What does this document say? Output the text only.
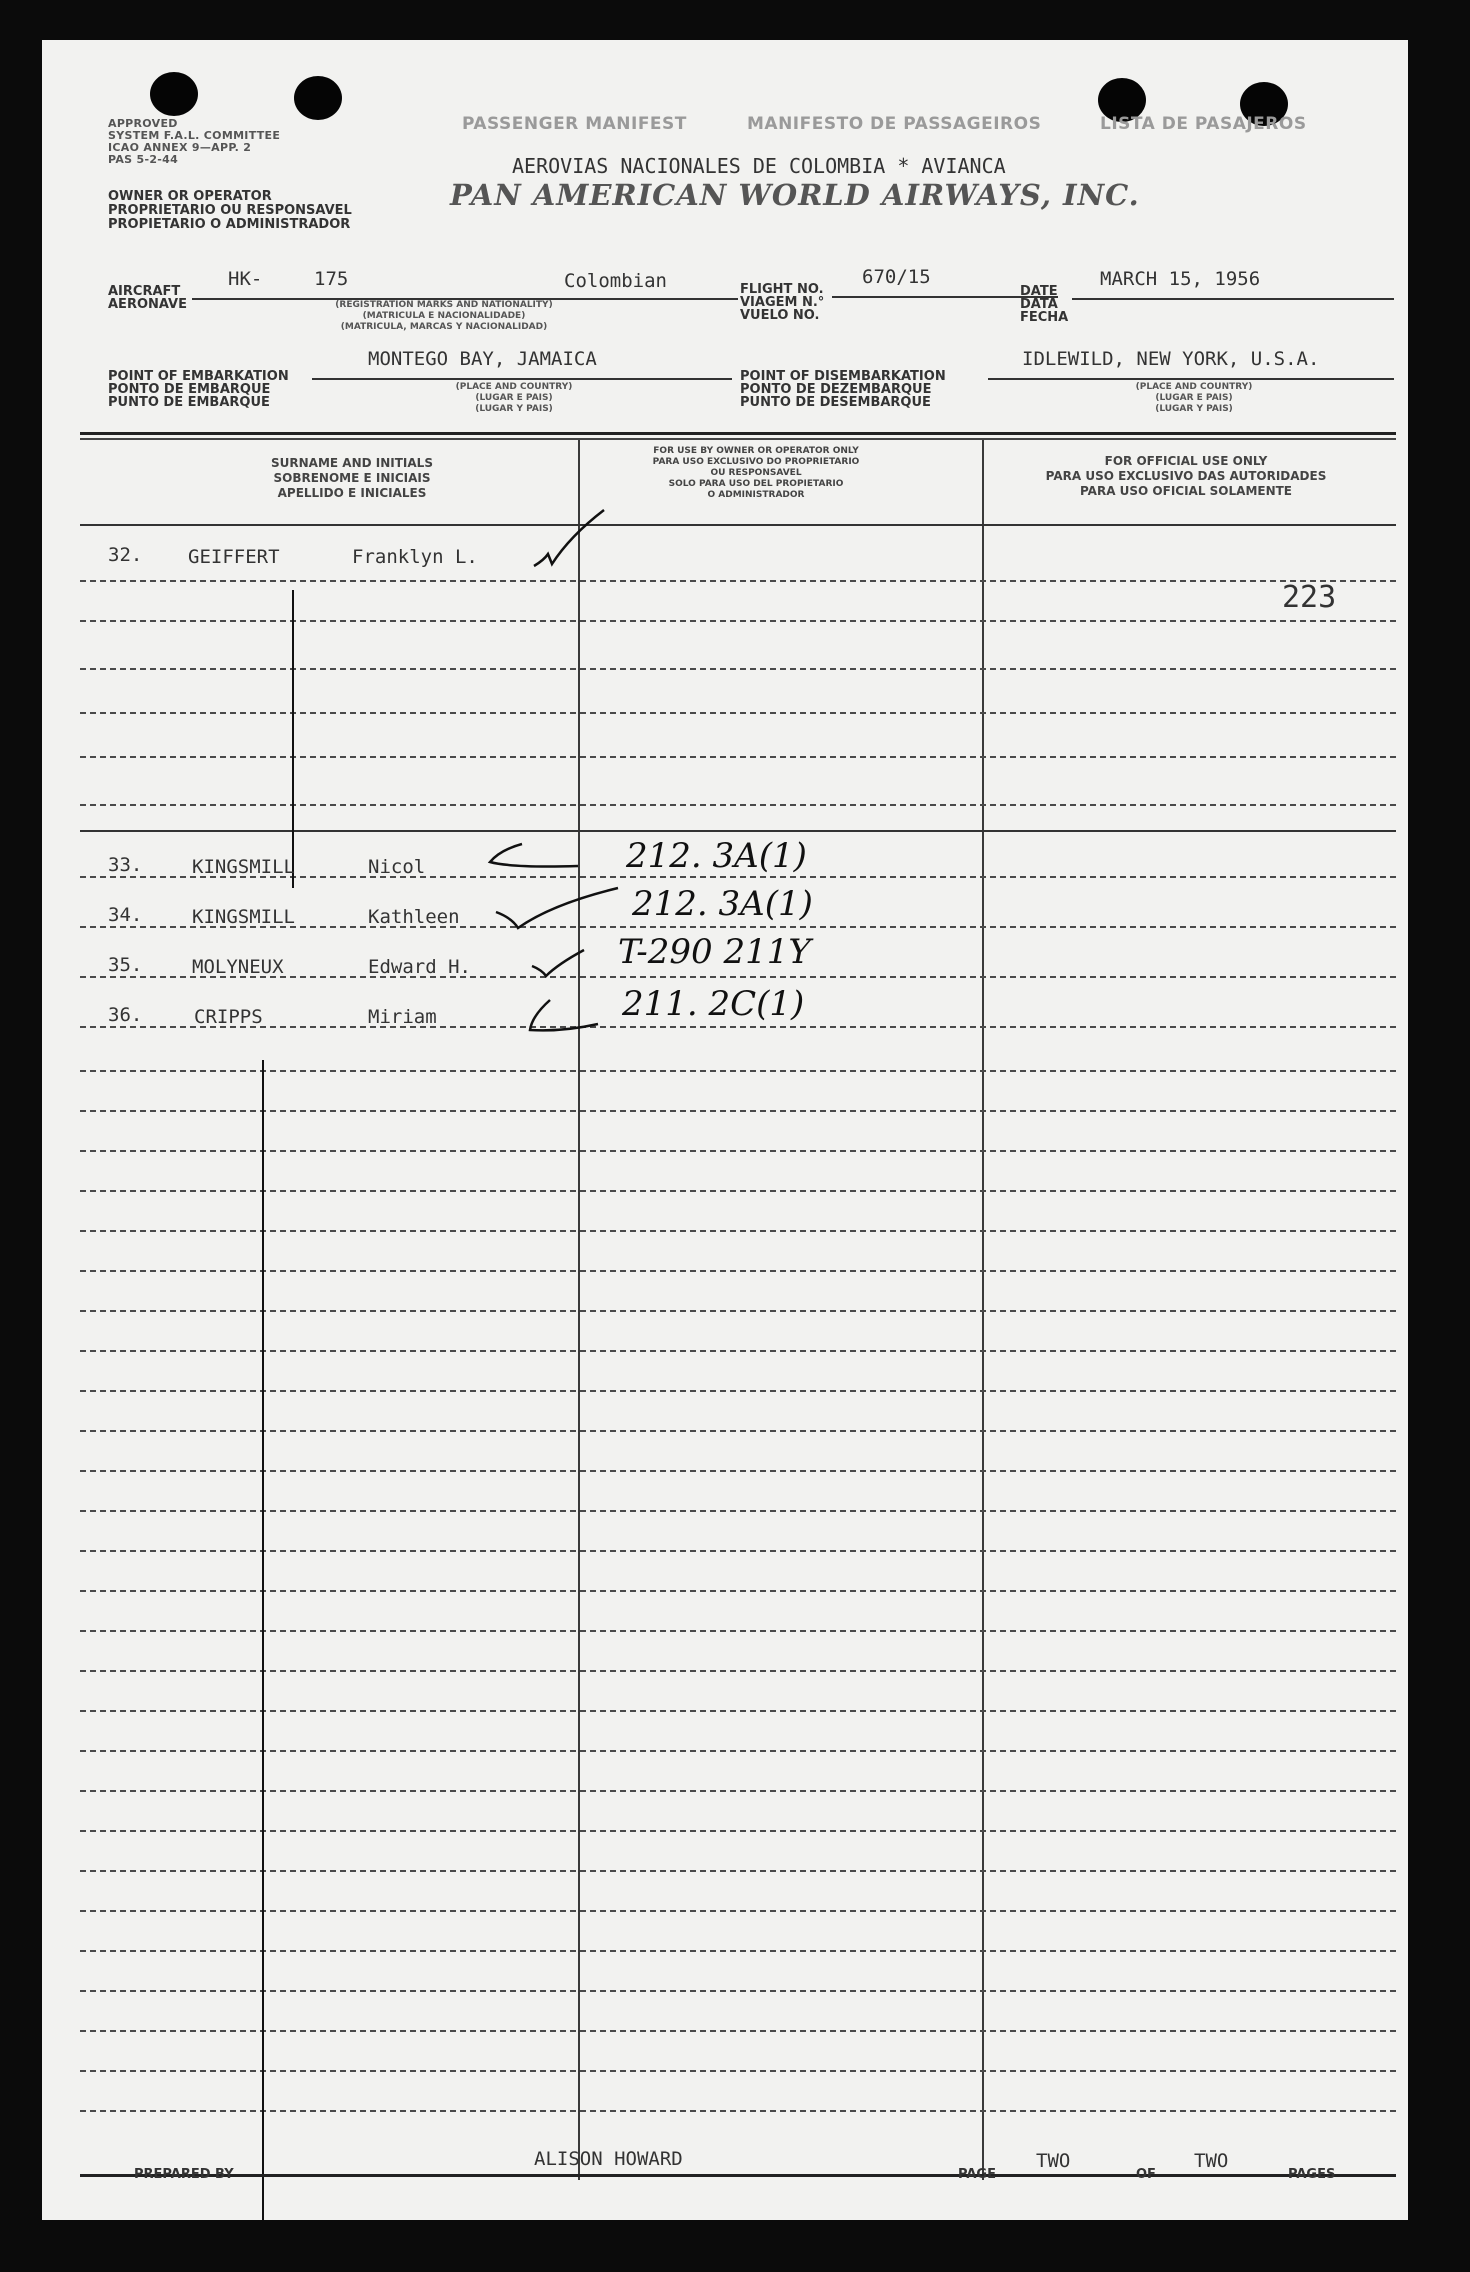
APPROVED
SYSTEM F.A.L. COMMITTEE
ICAO ANNEX 9—APP. 2
PAS 5-2-44
OWNER OR OPERATOR
PROPRIETARIO OU RESPONSAVEL
PROPIETARIO O ADMINISTRADOR
PASSENGER MANIFEST	MANIFESTO DE PASSAGEIROS	LISTA DE PASAJEROS
AEROVIAS NACIONALES DE COLOMBIA * AVIANCA
PAN AMERICAN WORLD AIRWAYS, INC.
AIRCRAFT
AERONAVE
HK-	175	Colombian
(REGISTRATION MARKS AND NATIONALITY)
(MATRICULA E NACIONALIDADE)
(MATRICULA, MARCAS Y NACIONALIDAD)
FLIGHT NO.
VIAGEM N.°
VUELO NO.
670/15
DATE
DATA
FECHA
MARCH 15, 1956
POINT OF EMBARKATION
PONTO DE EMBARQUE
PUNTO DE EMBARQUE
MONTEGO BAY, JAMAICA
(PLACE AND COUNTRY)
(LUGAR E PAIS)
(LUGAR Y PAIS)
POINT OF DISEMBARKATION
PONTO DE DEZEMBARQUE
PUNTO DE DESEMBARQUE
IDLEWILD, NEW YORK, U.S.A.
(PLACE AND COUNTRY)
(LUGAR E PAIS)
(LUGAR Y PAIS)
SURNAME AND INITIALS
SOBRENOME E INICIAIS
APELLIDO E INICIALES
FOR USE BY OWNER OR OPERATOR ONLY
PARA USO EXCLUSIVO DO PROPRIETARIO
OU RESPONSAVEL
SOLO PARA USO DEL PROPIETARIO
O ADMINISTRADOR
FOR OFFICIAL USE ONLY
PARA USO EXCLUSIVO DAS AUTORIDADES
PARA USO OFICIAL SOLAMENTE
32. GEIFFERT	Franklyn L.
223
33.	KINGSMILL	Nicol	212. 3A(1)
34.	KINGSMILL	Kathleen	212. 3A(1)
35.	MOLYNEUX	Edward H.	T-290 211Y
36.	CRIPPS	Miriam	211. 2C(1)
PREPARED BY
ALISON HOWARD
PAGE
TWO
OF
TWO
PAGES
